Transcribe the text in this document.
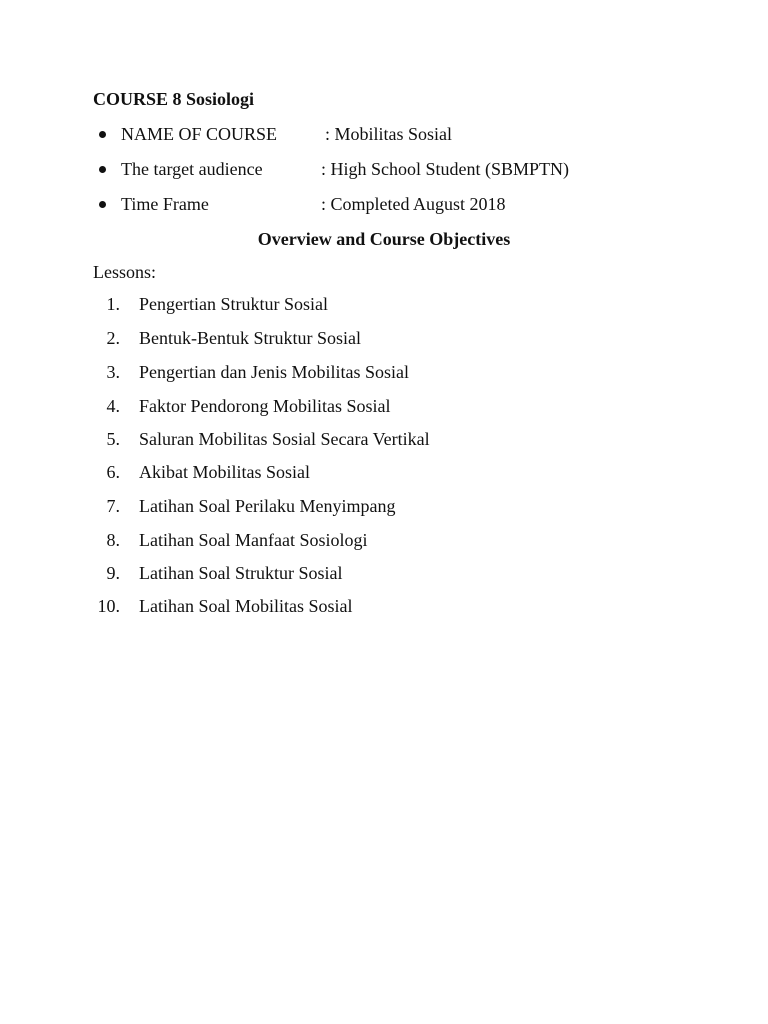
COURSE 8 Sosiologi
NAME OF COURSE	: Mobilitas Sosial
The target audience	: High School Student (SBMPTN)
Time Frame	: Completed August 2018
Overview and Course Objectives
Lessons:
1. Pengertian Struktur Sosial
2. Bentuk-Bentuk Struktur Sosial
3. Pengertian dan Jenis Mobilitas Sosial
4. Faktor Pendorong Mobilitas Sosial
5. Saluran Mobilitas Sosial Secara Vertikal
6. Akibat Mobilitas Sosial
7. Latihan Soal Perilaku Menyimpang
8. Latihan Soal Manfaat Sosiologi
9. Latihan Soal Struktur Sosial
10. Latihan Soal Mobilitas Sosial
